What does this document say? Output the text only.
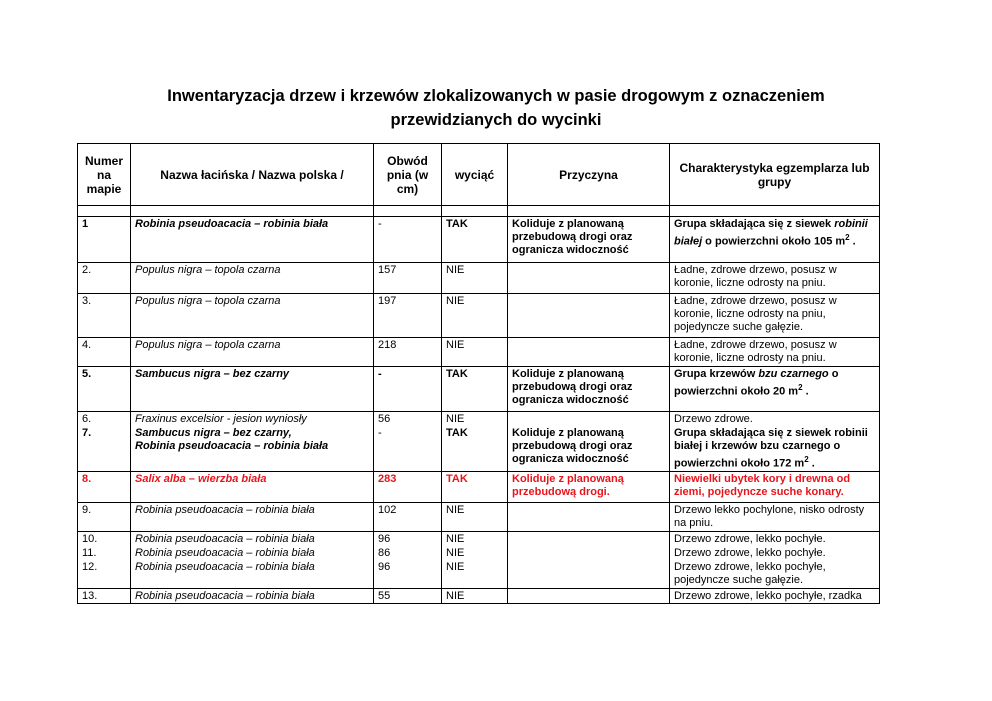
Inwentaryzacja drzew i krzewów zlokalizowanych w pasie drogowym z oznaczeniem
przewidzianych do wycinki
Numer na mapie	Nazwa łacińska / Nazwa polska /	Obwód pnia (w cm)	wyciąć	Przyczyna	Charakterystyka egzemplarza lub grupy

1	Robinia pseudoacacia – robinia biała	-	TAK	Koliduje z planowaną przebudową drogi oraz ogranicza widoczność	Grupa składająca się z siewek robinii białej o powierzchni około 105 $m^2$ .
2.	Populus nigra – topola czarna	157	NIE		Ładne, zdrowe drzewo, posusz w koronie, liczne odrosty na pniu.
3.	Populus nigra – topola czarna	197	NIE		Ładne, zdrowe drzewo, posusz w koronie, liczne odrosty na pniu, pojedyncze suche gałęzie.
4.	Populus nigra – topola czarna	218	NIE		Ładne, zdrowe drzewo, posusz w koronie, liczne odrosty na pniu.
5.	Sambucus nigra – bez czarny	-	TAK	Koliduje z planowaną przebudową drogi oraz ogranicza widoczność	Grupa krzewów bzu czarnego o powierzchni około 20 $m^2$ .
6.	Fraxinus excelsior - jesion wyniosły	56	NIE		Drzewo zdrowe.
7.	Sambucus nigra – bez czarny,
Robinia pseudoacacia – robinia biała	-	TAK	Koliduje z planowaną przebudową drogi oraz ogranicza widoczność	Grupa składająca się z siewek robinii białej i krzewów bzu czarnego o powierzchni około 172 $m^2$ .
8.	Salix alba – wierzba biała	283	TAK	Koliduje z planowaną przebudową drogi.	Niewielki ubytek kory i drewna od ziemi, pojedyncze suche konary.
9.	Robinia pseudoacacia – robinia biała	102	NIE		Drzewo lekko pochylone, nisko odrosty na pniu.
10.	Robinia pseudoacacia – robinia biała	96	NIE		Drzewo zdrowe, lekko pochyłe.
11.	Robinia pseudoacacia – robinia biała	86	NIE		Drzewo zdrowe, lekko pochyłe.
12.	Robinia pseudoacacia – robinia biała	96	NIE		Drzewo zdrowe, lekko pochyłe, pojedyncze suche gałęzie.
13.	Robinia pseudoacacia – robinia biała	55	NIE		Drzewo zdrowe, lekko pochyłe, rzadka
